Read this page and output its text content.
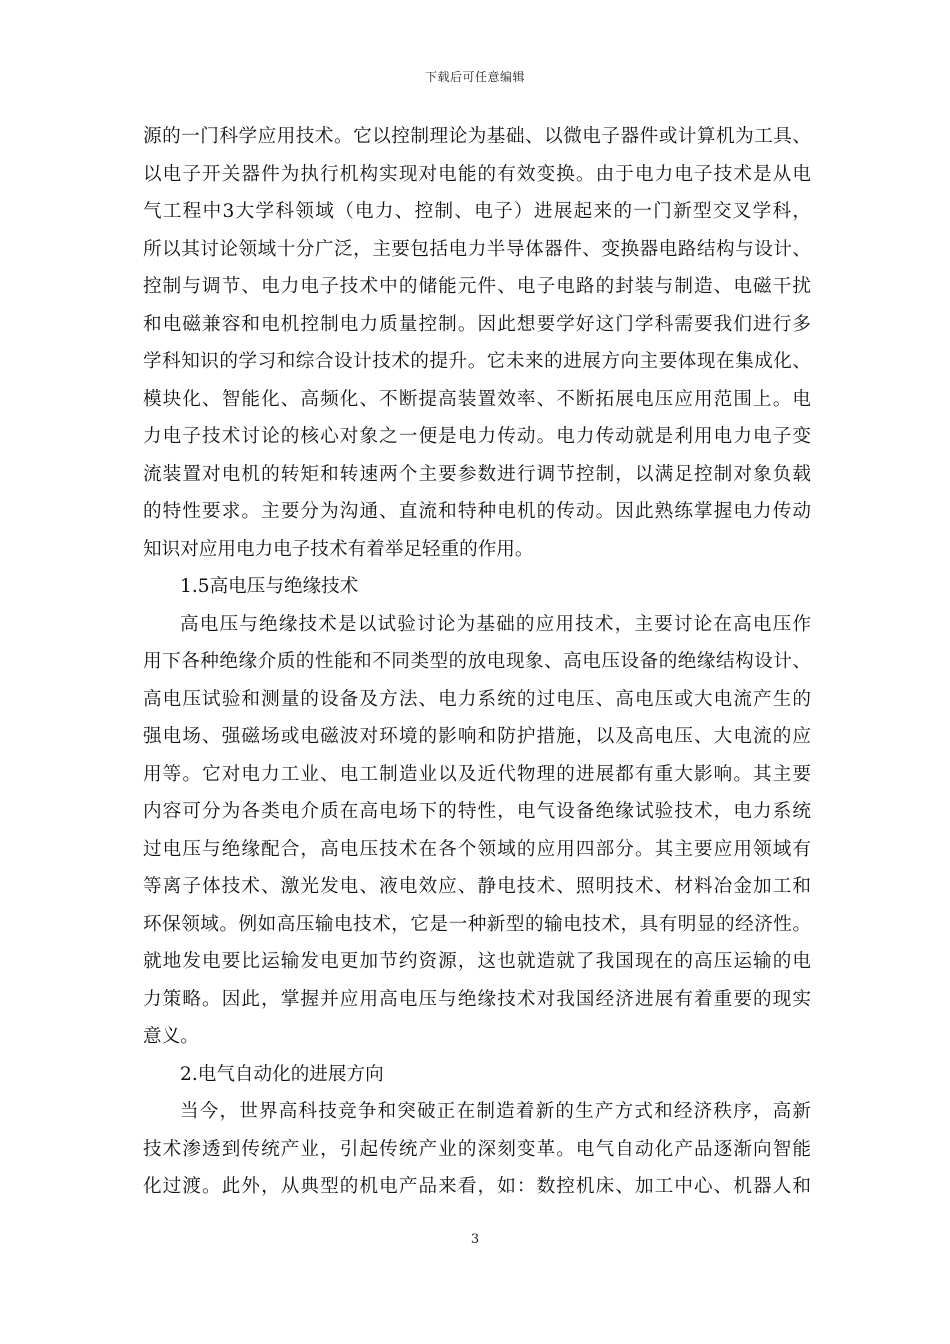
下载后可任意编辑
源的一门科学应用技术。它以控制理论为基础、以微电子器件或计算机为工具、
以电子开关器件为执行机构实现对电能的有效变换。由于电力电子技术是从电
气工程中3大学科领域（电力、控制、电子）进展起来的一门新型交叉学科，
所以其讨论领域十分广泛，主要包括电力半导体器件、变换器电路结构与设计、
控制与调节、电力电子技术中的储能元件、电子电路的封装与制造、电磁干扰
和电磁兼容和电机控制电力质量控制。因此想要学好这门学科需要我们进行多
学科知识的学习和综合设计技术的提升。它未来的进展方向主要体现在集成化、
模块化、智能化、高频化、不断提高装置效率、不断拓展电压应用范围上。电
力电子技术讨论的核心对象之一便是电力传动。电力传动就是利用电力电子变
流装置对电机的转矩和转速两个主要参数进行调节控制，以满足控制对象负载
的特性要求。主要分为沟通、直流和特种电机的传动。因此熟练掌握电力传动
知识对应用电力电子技术有着举足轻重的作用。
1.5高电压与绝缘技术
高电压与绝缘技术是以试验讨论为基础的应用技术，主要讨论在高电压作
用下各种绝缘介质的性能和不同类型的放电现象、高电压设备的绝缘结构设计、
高电压试验和测量的设备及方法、电力系统的过电压、高电压或大电流产生的
强电场、强磁场或电磁波对环境的影响和防护措施，以及高电压、大电流的应
用等。它对电力工业、电工制造业以及近代物理的进展都有重大影响。其主要
内容可分为各类电介质在高电场下的特性，电气设备绝缘试验技术，电力系统
过电压与绝缘配合，高电压技术在各个领域的应用四部分。其主要应用领域有
等离子体技术、激光发电、液电效应、静电技术、照明技术、材料冶金加工和
环保领域。例如高压输电技术，它是一种新型的输电技术，具有明显的经济性。
就地发电要比运输发电更加节约资源，这也就造就了我国现在的高压运输的电
力策略。因此，掌握并应用高电压与绝缘技术对我国经济进展有着重要的现实
意义。
2.电气自动化的进展方向
当今，世界高科技竞争和突破正在制造着新的生产方式和经济秩序，高新
技术渗透到传统产业，引起传统产业的深刻变革。电气自动化产品逐渐向智能
化过渡。此外，从典型的机电产品来看，如：数控机床、加工中心、机器人和
3
